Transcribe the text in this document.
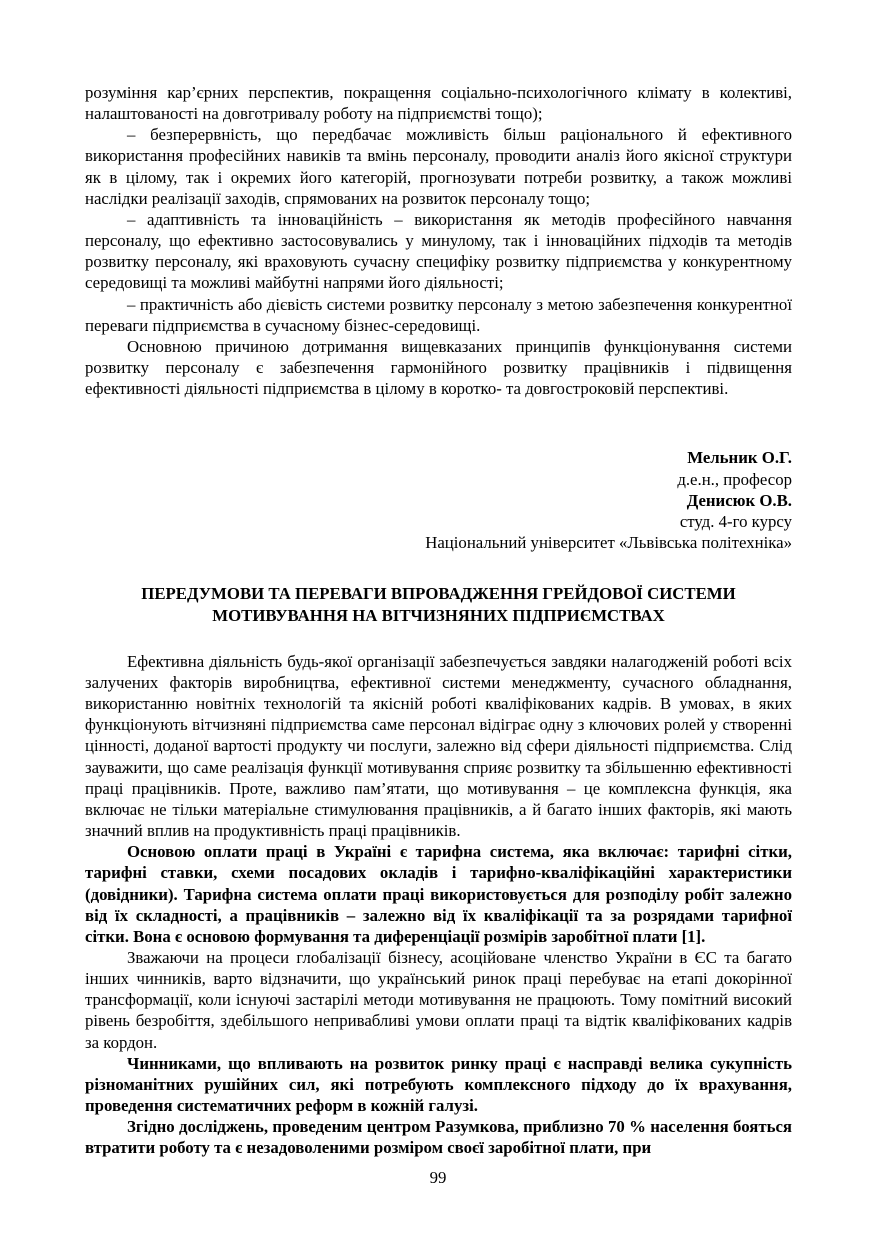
розуміння кар’єрних перспектив, покращення соціально-психологічного клімату в колективі, налаштованості на довготривалу роботу на підприємстві тощо);

– безперервність, що передбачає можливість більш раціонального й ефективного використання професійних навиків та вмінь персоналу, проводити аналіз його якісної структури як в цілому, так і окремих його категорій, прогнозувати потреби розвитку, а також можливі наслідки реалізації заходів, спрямованих на розвиток персоналу тощо;

– адаптивність та інноваційність – використання як методів професійного навчання персоналу, що ефективно застосовувались у минулому, так і інноваційних підходів та методів розвитку персоналу, які враховують сучасну специфіку розвитку підприємства у конкурентному середовищі та можливі майбутні напрями його діяльності;

– практичність або дієвість системи розвитку персоналу з метою забезпечення конкурентної переваги підприємства в сучасному бізнес-середовищі.

Основною причиною дотримання вищевказаних принципів функціонування системи розвитку персоналу є забезпечення гармонійного розвитку працівників і підвищення ефективності діяльності підприємства в цілому в коротко- та довгостроковій перспективі.

Мельник О.Г.
д.е.н., професор
Денисюк О.В.
студ. 4-го курсу
Національний університет «Львівська політехніка»
ПЕРЕДУМОВИ ТА ПЕРЕВАГИ ВПРОВАДЖЕННЯ ГРЕЙДОВОЇ СИСТЕМИ МОТИВУВАННЯ НА ВІТЧИЗНЯНИХ ПІДПРИЄМСТВАХ

Ефективна діяльність будь-якої організації забезпечується завдяки налагодженій роботі всіх залучених факторів виробництва, ефективної системи менеджменту, сучасного обладнання, використанню новітніх технологій та якісній роботі кваліфікованих кадрів. В умовах, в яких функціонують вітчизняні підприємства саме персонал відіграє одну з ключових ролей у створенні цінності, доданої вартості продукту чи послуги, залежно від сфери діяльності підприємства. Слід зауважити, що саме реалізація функції мотивування сприяє розвитку та збільшенню ефективності праці працівників. Проте, важливо пам’ятати, що мотивування – це комплексна функція, яка включає не тільки матеріальне стимулювання працівників, а й багато інших факторів, які мають значний вплив на продуктивність праці працівників.

Основою оплати праці в Україні є тарифна система, яка включає: тарифні сітки, тарифні ставки, схеми посадових окладів і тарифно-кваліфікаційні характеристики (довідники). Тарифна система оплати праці використовується для розподілу робіт залежно від їх складності, а працівників – залежно від їх кваліфікації та за розрядами тарифної сітки. Вона є основою формування та диференціації розмірів заробітної плати [1].

Зважаючи на процеси глобалізації бізнесу, асоційоване членство України в ЄС та багато інших чинників, варто відзначити, що український ринок праці перебуває на етапі докорінної трансформації, коли існуючі застарілі методи мотивування не працюють. Тому помітний високий рівень безробіття, здебільшого непривабливі умови оплати праці та відтік кваліфікованих кадрів за кордон.

Чинниками, що впливають на розвиток ринку праці є насправді велика сукупність різноманітних рушійних сил, які потребують комплексного підходу до їх врахування, проведення систематичних реформ в кожній галузі.

Згідно досліджень, проведеним центром Разумкова, приблизно 70 % населення бояться втратити роботу та є незадоволеними розміром своєї заробітної плати, при

99
